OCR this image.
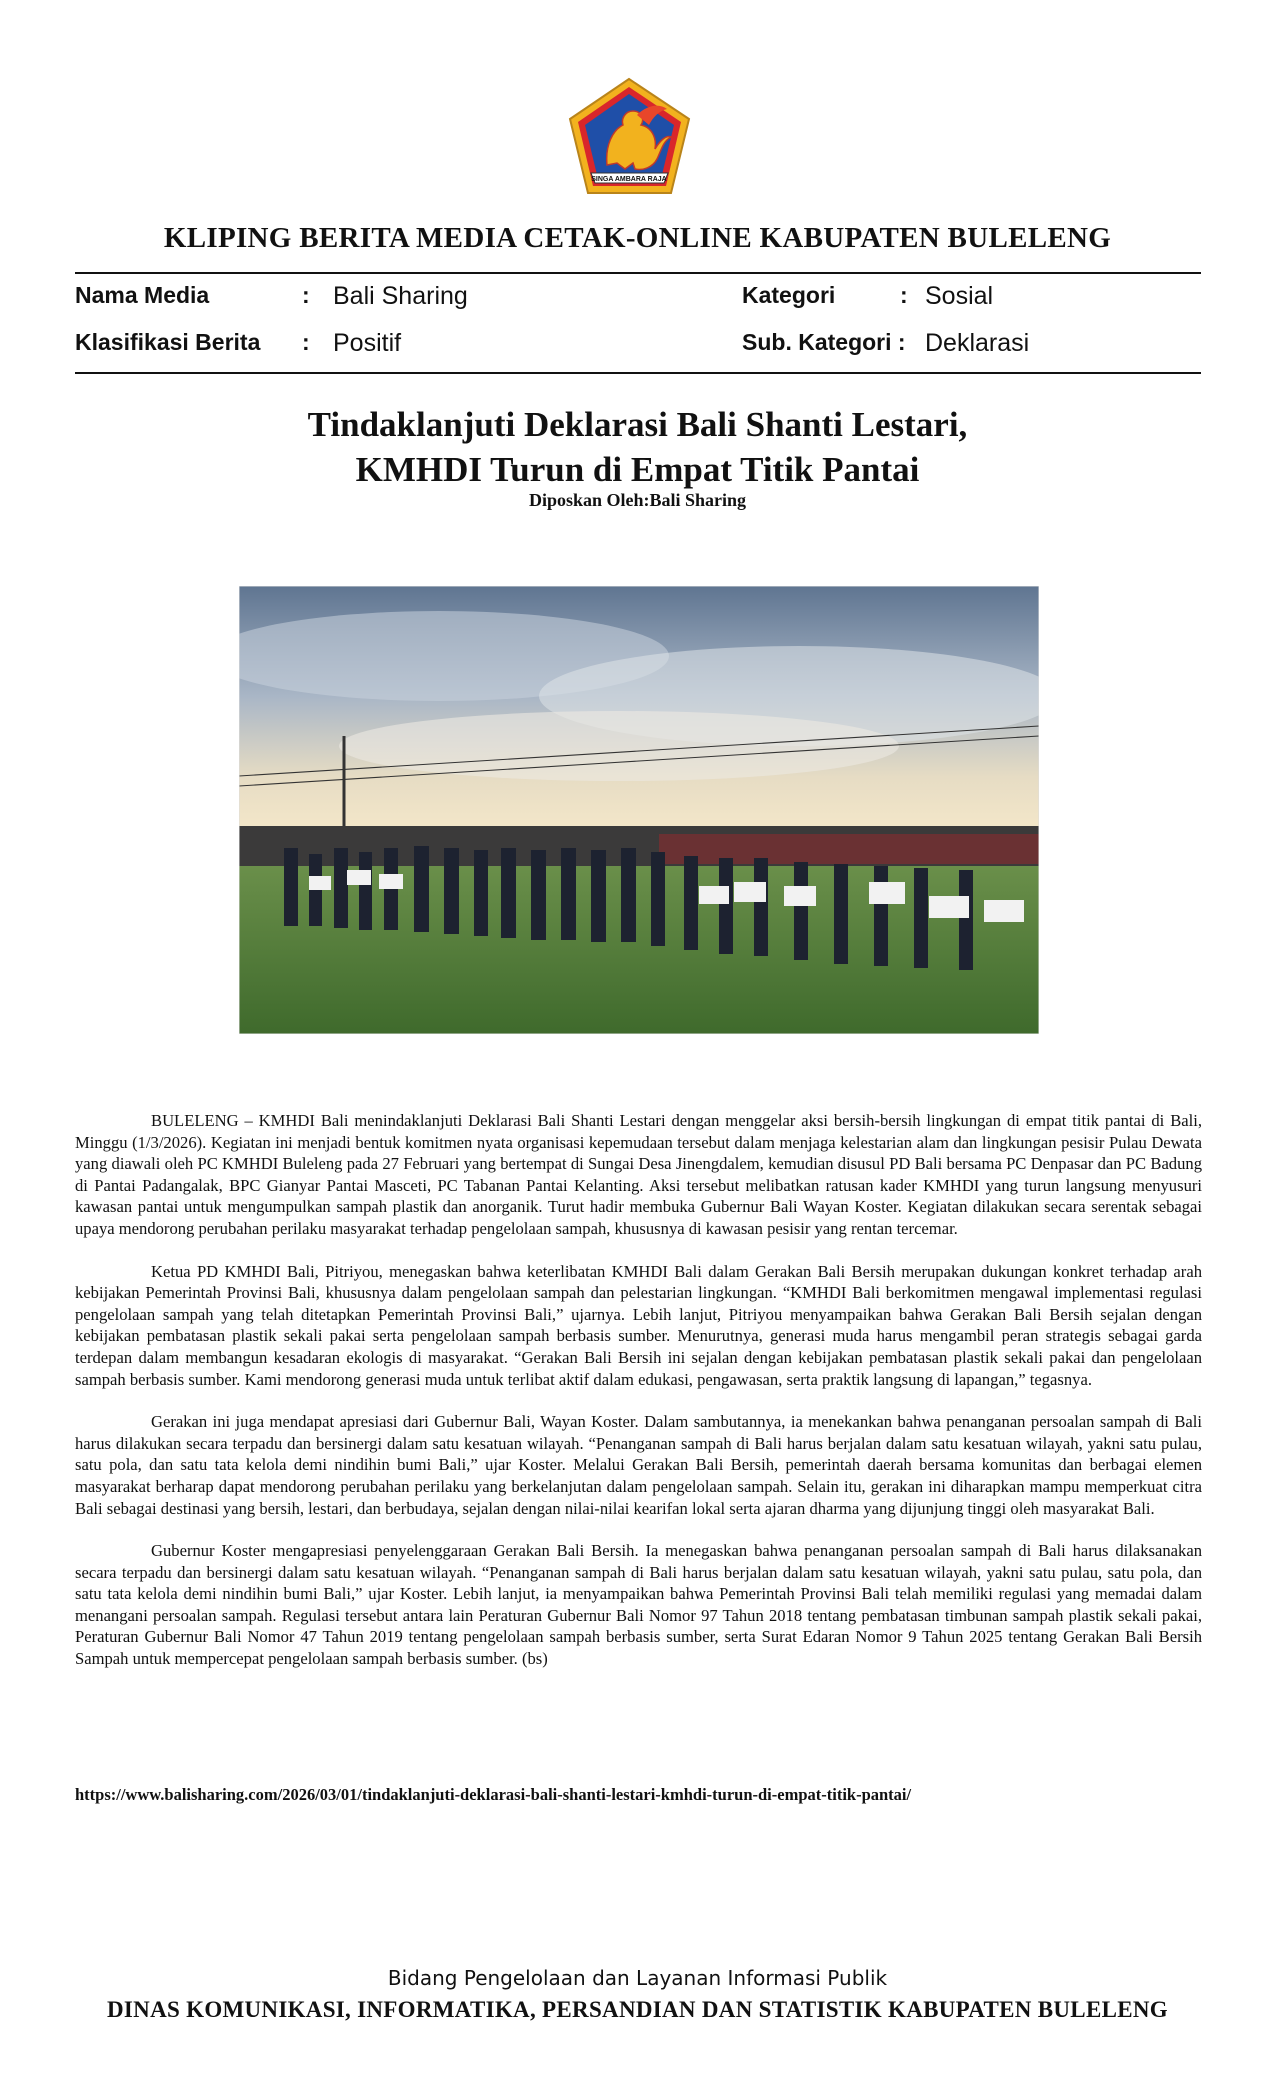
SINGA AMBARA RAJA
KLIPING BERITA MEDIA CETAK-ONLINE KABUPATEN BULELENG
Nama Media	: Bali Sharing
Klasifikasi Berita : Positif
Kategori	: Sosial
Sub. Kategori : Deklarasi
Tindaklanjuti Deklarasi Bali Shanti Lestari,
KMHDI Turun di Empat Titik Pantai
Diposkan Oleh:Bali Sharing

BULELENG – KMHDI Bali menindaklanjuti Deklarasi Bali Shanti Lestari dengan menggelar aksi bersih-bersih lingkungan di empat titik pantai di Bali, Minggu (1/3/2026). Kegiatan ini menjadi bentuk komitmen nyata organisasi kepemudaan tersebut dalam menjaga kelestarian alam dan lingkungan pesisir Pulau Dewata yang diawali oleh PC KMHDI Buleleng pada 27 Februari yang bertempat di Sungai Desa Jinengdalem, kemudian disusul PD Bali bersama PC Denpasar dan PC Badung di Pantai Padangalak, BPC Gianyar Pantai Masceti, PC Tabanan Pantai Kelanting. Aksi tersebut melibatkan ratusan kader KMHDI yang turun langsung menyusuri kawasan pantai untuk mengumpulkan sampah plastik dan anorganik. Turut hadir membuka Gubernur Bali Wayan Koster. Kegiatan dilakukan secara serentak sebagai upaya mendorong perubahan perilaku masyarakat terhadap pengelolaan sampah, khususnya di kawasan pesisir yang rentan tercemar.

Ketua PD KMHDI Bali, Pitriyou, menegaskan bahwa keterlibatan KMHDI Bali dalam Gerakan Bali Bersih merupakan dukungan konkret terhadap arah kebijakan Pemerintah Provinsi Bali, khususnya dalam pengelolaan sampah dan pelestarian lingkungan. “KMHDI Bali berkomitmen mengawal implementasi regulasi pengelolaan sampah yang telah ditetapkan Pemerintah Provinsi Bali,” ujarnya. Lebih lanjut, Pitriyou menyampaikan bahwa Gerakan Bali Bersih sejalan dengan kebijakan pembatasan plastik sekali pakai serta pengelolaan sampah berbasis sumber. Menurutnya, generasi muda harus mengambil peran strategis sebagai garda terdepan dalam membangun kesadaran ekologis di masyarakat. “Gerakan Bali Bersih ini sejalan dengan kebijakan pembatasan plastik sekali pakai dan pengelolaan sampah berbasis sumber. Kami mendorong generasi muda untuk terlibat aktif dalam edukasi, pengawasan, serta praktik langsung di lapangan,” tegasnya.

Gerakan ini juga mendapat apresiasi dari Gubernur Bali, Wayan Koster. Dalam sambutannya, ia menekankan bahwa penanganan persoalan sampah di Bali harus dilakukan secara terpadu dan bersinergi dalam satu kesatuan wilayah. “Penanganan sampah di Bali harus berjalan dalam satu kesatuan wilayah, yakni satu pulau, satu pola, dan satu tata kelola demi nindihin bumi Bali,” ujar Koster. Melalui Gerakan Bali Bersih, pemerintah daerah bersama komunitas dan berbagai elemen masyarakat berharap dapat mendorong perubahan perilaku yang berkelanjutan dalam pengelolaan sampah. Selain itu, gerakan ini diharapkan mampu memperkuat citra Bali sebagai destinasi yang bersih, lestari, dan berbudaya, sejalan dengan nilai-nilai kearifan lokal serta ajaran dharma yang dijunjung tinggi oleh masyarakat Bali.

Gubernur Koster mengapresiasi penyelenggaraan Gerakan Bali Bersih. Ia menegaskan bahwa penanganan persoalan sampah di Bali harus dilaksanakan secara terpadu dan bersinergi dalam satu kesatuan wilayah. “Penanganan sampah di Bali harus berjalan dalam satu kesatuan wilayah, yakni satu pulau, satu pola, dan satu tata kelola demi nindihin bumi Bali,” ujar Koster. Lebih lanjut, ia menyampaikan bahwa Pemerintah Provinsi Bali telah memiliki regulasi yang memadai dalam menangani persoalan sampah. Regulasi tersebut antara lain Peraturan Gubernur Bali Nomor 97 Tahun 2018 tentang pembatasan timbunan sampah plastik sekali pakai, Peraturan Gubernur Bali Nomor 47 Tahun 2019 tentang pengelolaan sampah berbasis sumber, serta Surat Edaran Nomor 9 Tahun 2025 tentang Gerakan Bali Bersih Sampah untuk mempercepat pengelolaan sampah berbasis sumber. (bs)

https://www.balisharing.com/2026/03/01/tindaklanjuti-deklarasi-bali-shanti-lestari-kmhdi-turun-di-empat-titik-pantai/
Bidang Pengelolaan dan Layanan Informasi Publik
DINAS KOMUNIKASI, INFORMATIKA, PERSANDIAN DAN STATISTIK KABUPATEN BULELENG
